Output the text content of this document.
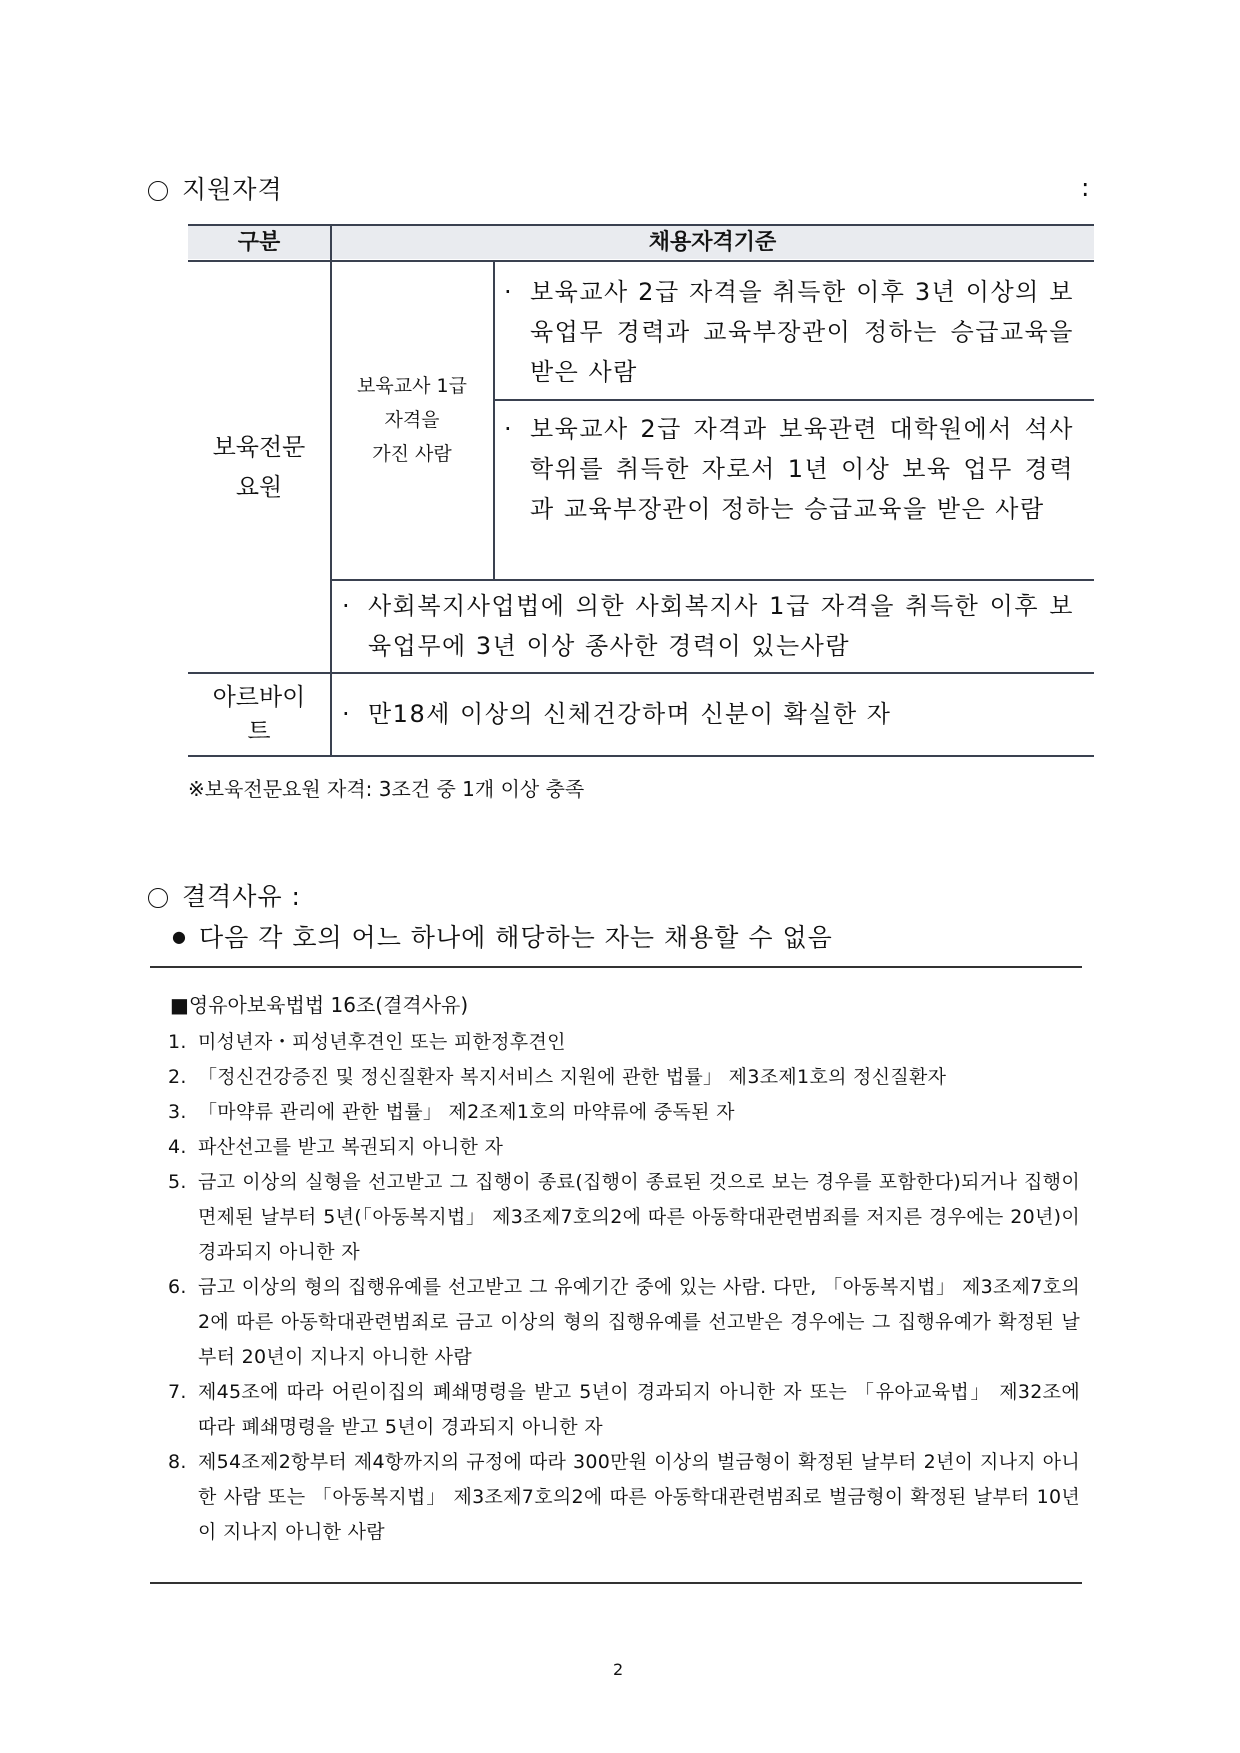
지원자격	:
구분	채용자격기준
보육전문
요원
보육교사 1급
자격을
가진 사람
· 보육교사 2급 자격을 취득한 이후 3년 이상의 보육업무 경력과 교육부장관이 정하는 승급교육을 받은 사람
· 보육교사 2급 자격과 보육관련 대학원에서 석사학위를 취득한 자로서 1년 이상 보육 업무 경력과 교육부장관이 정하는 승급교육을 받은 사람
· 사회복지사업법에 의한 사회복지사 1급 자격을 취득한 이후 보육업무에 3년 이상 종사한 경력이 있는사람
아르바이
트
· 만18세 이상의 신체건강하며 신분이 확실한 자
※보육전문요원 자격: 3조건 중 1개 이상 충족
결격사유 :
● 다음 각 호의 어느 하나에 해당하는 자는 채용할 수 없음
■영유아보육법법 16조(결격사유)
1. 미성년자・피성년후견인 또는 피한정후견인
2. 「정신건강증진 및 정신질환자 복지서비스 지원에 관한 법률」 제3조제1호의 정신질환자
3. 「마약류 관리에 관한 법률」 제2조제1호의 마약류에 중독된 자
4. 파산선고를 받고 복권되지 아니한 자
5. 금고 이상의 실형을 선고받고 그 집행이 종료(집행이 종료된 것으로 보는 경우를 포함한다)되거나 집행이 면제된 날부터 5년(「아동복지법」 제3조제7호의2에 따른 아동학대관련범죄를 저지른 경우에는 20년)이 경과되지 아니한 자
6. 금고 이상의 형의 집행유예를 선고받고 그 유예기간 중에 있는 사람. 다만, 「아동복지법」 제3조제7호의2에 따른 아동학대관련범죄로 금고 이상의 형의 집행유예를 선고받은 경우에는 그 집행유예가 확정된 날부터 20년이 지나지 아니한 사람
7. 제45조에 따라 어린이집의 폐쇄명령을 받고 5년이 경과되지 아니한 자 또는 「유아교육법」 제32조에 따라 폐쇄명령을 받고 5년이 경과되지 아니한 자
8. 제54조제2항부터 제4항까지의 규정에 따라 300만원 이상의 벌금형이 확정된 날부터 2년이 지나지 아니한 사람 또는 「아동복지법」 제3조제7호의2에 따른 아동학대관련범죄로 벌금형이 확정된 날부터 10년이 지나지 아니한 사람
2
